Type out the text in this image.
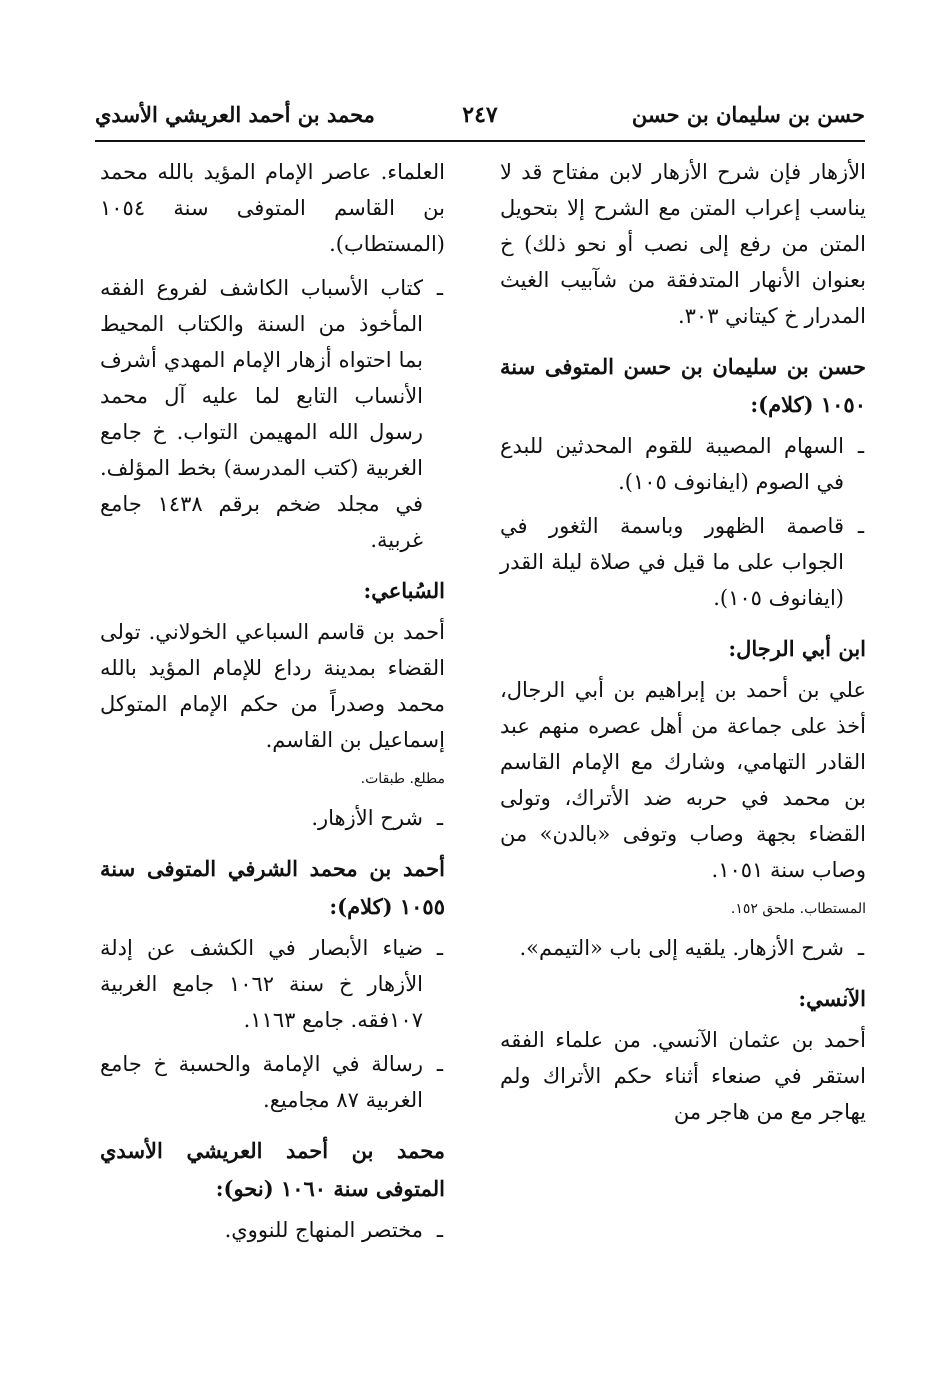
حسن بن سليمان بن حسن
٢٤٧
محمد بن أحمد العريشي الأسدي

الأزهار فإن شرح الأزهار لابن مفتاح قد لا يناسب إعراب المتن مع الشرح إلا بتحويل المتن من رفع إلى نصب أو نحو ذلك) خ بعنوان الأنهار المتدفقة من شآبيب الغيث المدرار خ كيتاني ٣٠٣.

حسن بن سليمان بن حسن المتوفى سنة ١٠٥٠ (كلام):

ـ السهام المصيبة للقوم المحدثين للبدع في الصوم (ايفانوف ١٠٥).

ـ قاصمة الظهور وباسمة الثغور في الجواب على ما قيل في صلاة ليلة القدر (ايفانوف ١٠٥).

ابن أبي الرجال:

علي بن أحمد بن إبراهيم بن أبي الرجال، أخذ على جماعة من أهل عصره منهم عبد القادر التهامي، وشارك مع الإمام القاسم بن محمد في حربه ضد الأتراك، وتولى القضاء بجهة وصاب وتوفى «بالدن» من وصاب سنة ١٠٥١.

المستطاب. ملحق ١٥٢.

ـ شرح الأزهار. يلقيه إلى باب «التيمم».

الآنسي:

أحمد بن عثمان الآنسي. من علماء الفقه استقر في صنعاء أثناء حكم الأتراك ولم يهاجر مع من هاجر من

العلماء. عاصر الإمام المؤيد بالله محمد بن القاسم المتوفى سنة ١٠٥٤ (المستطاب).

ـ كتاب الأسباب الكاشف لفروع الفقه المأخوذ من السنة والكتاب المحيط بما احتواه أزهار الإمام المهدي أشرف الأنساب التابع لما عليه آل محمد رسول الله المهيمن التواب. خ جامع الغربية (كتب المدرسة) بخط المؤلف. في مجلد ضخم برقم ١٤٣٨ جامع غربية.

السُباعي:

أحمد بن قاسم السباعي الخولاني. تولى القضاء بمدينة رداع للإمام المؤيد بالله محمد وصدراً من حكم الإمام المتوكل إسماعيل بن القاسم.

مطلع. طبقات.

ـ شرح الأزهار.

أحمد بن محمد الشرفي المتوفى سنة ١٠٥٥ (كلام):

ـ ضياء الأبصار في الكشف عن إدلة الأزهار خ سنة ١٠٦٢ جامع الغربية ١٠٧فقه. جامع ١١٦٣.

ـ رسالة في الإمامة والحسبة خ جامع الغربية ٨٧ مجاميع.

محمد بن أحمد العريشي الأسدي المتوفى سنة ١٠٦٠ (نحو):

ـ مختصر المنهاج للنووي.
